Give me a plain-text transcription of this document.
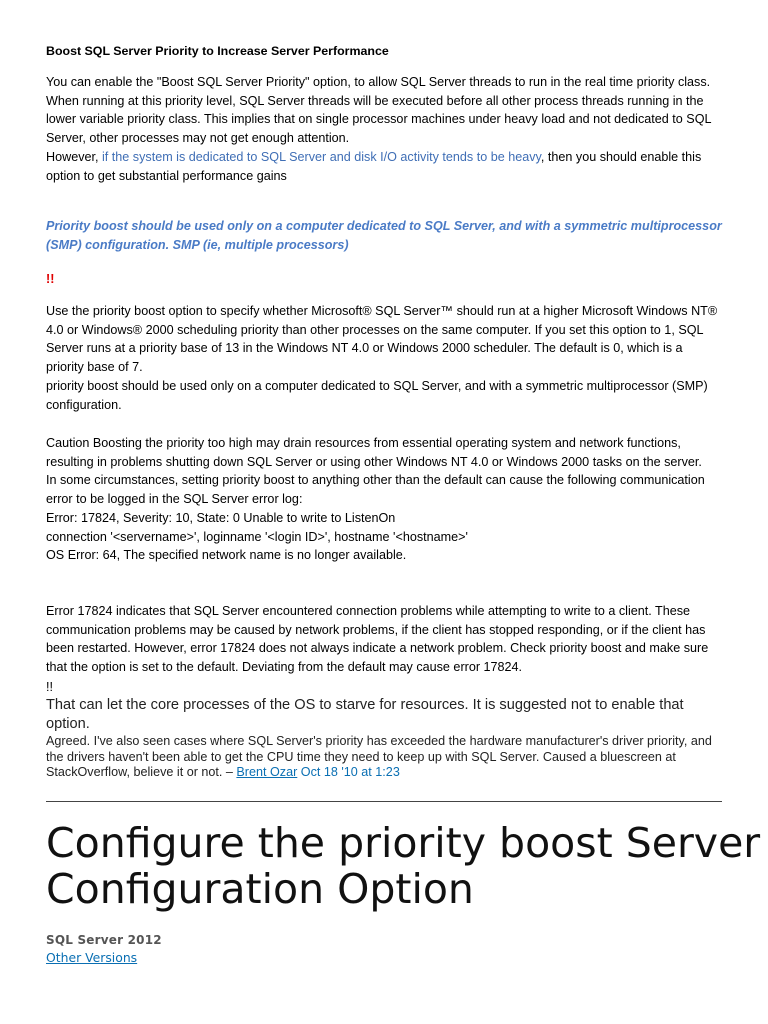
Boost SQL Server Priority to Increase Server Performance
You can enable the "Boost SQL Server Priority" option, to allow SQL Server threads to run in the real time priority class. When running at this priority level, SQL Server threads will be executed before all other process threads running in the lower variable priority class. This implies that on single processor machines under heavy load and not dedicated to SQL Server, other processes may not get enough attention.
However, if the system is dedicated to SQL Server and disk I/O activity tends to be heavy, then you should enable this option to get substantial performance gains
Priority boost should be used only on a computer dedicated to SQL Server, and with a symmetric multiprocessor (SMP) configuration. SMP (ie, multiple processors)
!!
Use the priority boost option to specify whether Microsoft® SQL Server™ should run at a higher Microsoft Windows NT® 4.0 or Windows® 2000 scheduling priority than other processes on the same computer. If you set this option to 1, SQL Server runs at a priority base of 13 in the Windows NT 4.0 or Windows 2000 scheduler. The default is 0, which is a priority base of 7.
priority boost should be used only on a computer dedicated to SQL Server, and with a symmetric multiprocessor (SMP) configuration.
Caution Boosting the priority too high may drain resources from essential operating system and network functions, resulting in problems shutting down SQL Server or using other Windows NT 4.0 or Windows 2000 tasks on the server.
In some circumstances, setting priority boost to anything other than the default can cause the following communication error to be logged in the SQL Server error log:
Error: 17824, Severity: 10, State: 0 Unable to write to ListenOn
connection '<servername>', loginname '<login ID>', hostname '<hostname>'
OS Error: 64, The specified network name is no longer available.
Error 17824 indicates that SQL Server encountered connection problems while attempting to write to a client. These communication problems may be caused by network problems, if the client has stopped responding, or if the client has been restarted. However, error 17824 does not always indicate a network problem. Check priority boost and make sure that the option is set to the default. Deviating from the default may cause error 17824.
!!
That can let the core processes of the OS to starve for resources. It is suggested not to enable that option.
Agreed. I've also seen cases where SQL Server's priority has exceeded the hardware manufacturer's driver priority, and the drivers haven't been able to get the CPU time they need to keep up with SQL Server. Caused a bluescreen at StackOverflow, believe it or not. – Brent Ozar Oct 18 '10 at 1:23
Configure the priority boost Server Configuration Option
SQL Server 2012
Other Versions
